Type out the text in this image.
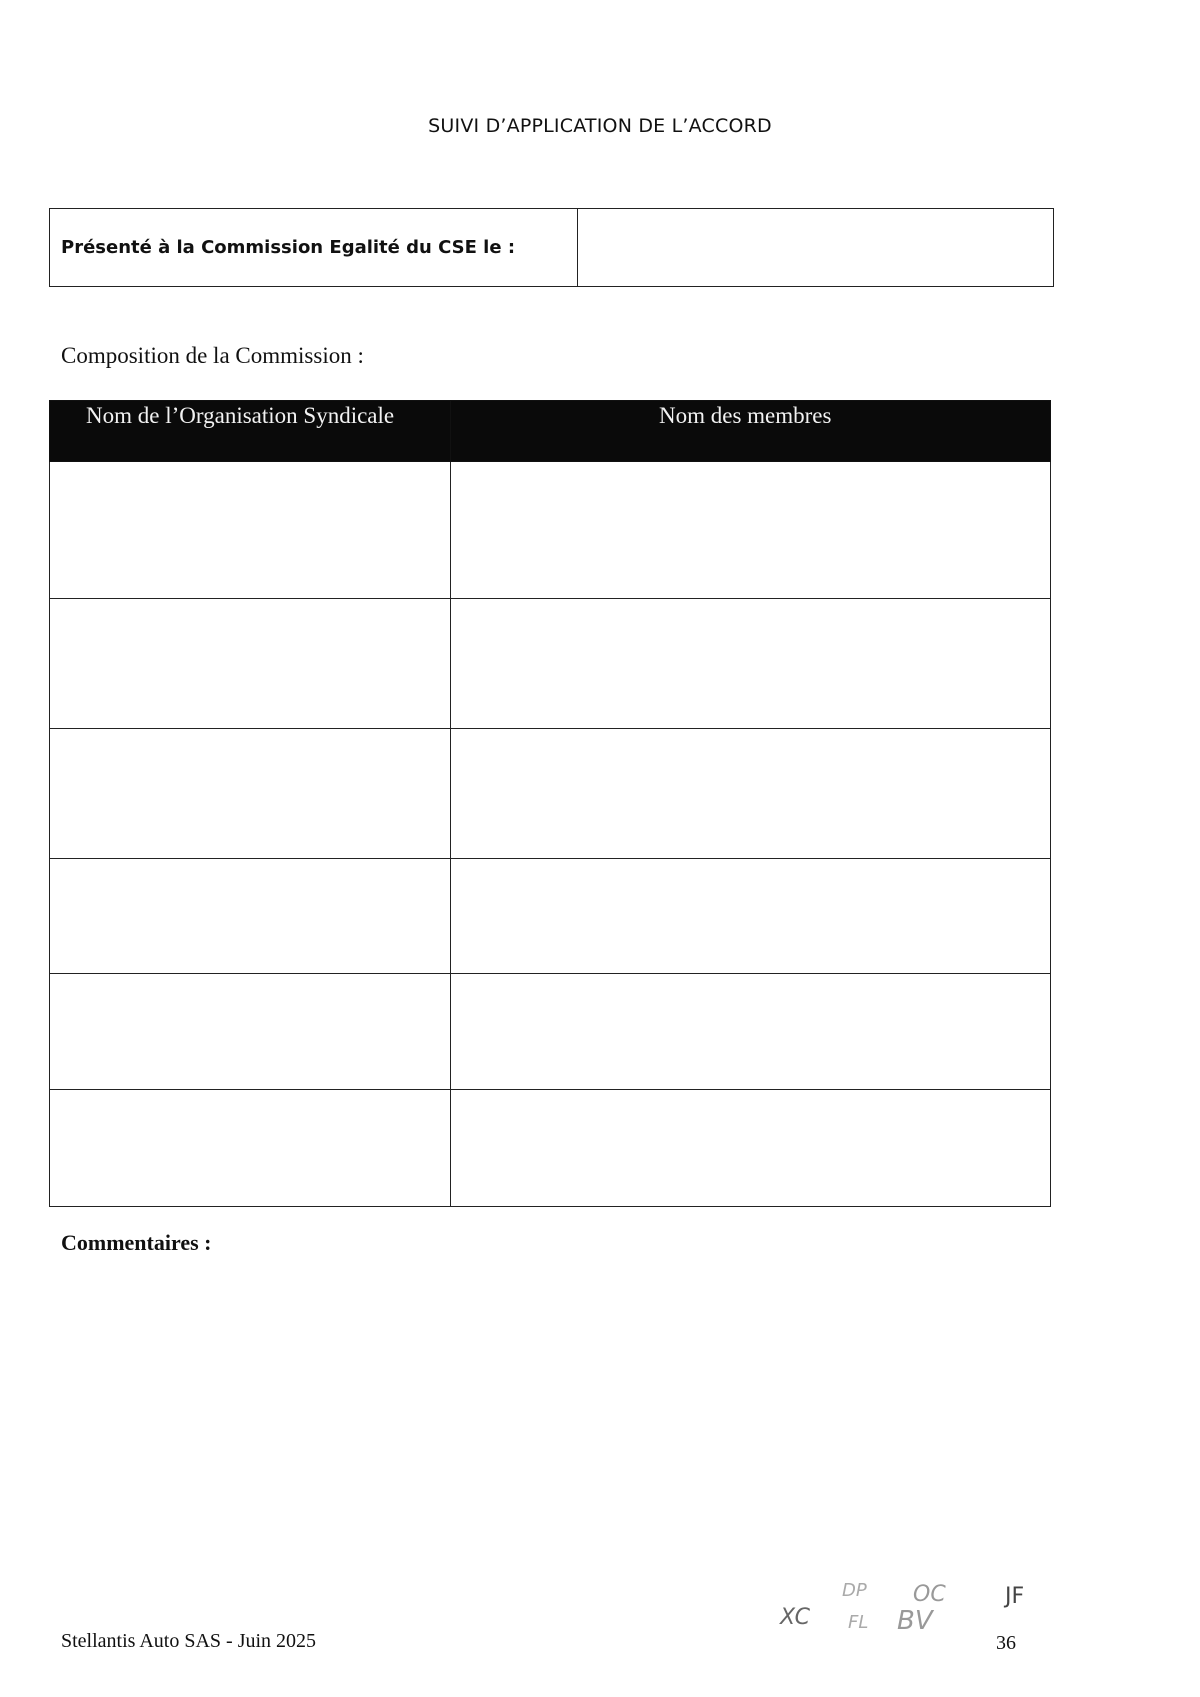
SUIVI D’APPLICATION DE L’ACCORD
Présenté à la Commission Egalité du CSE le :
Composition de la Commission :
Nom de l’Organisation Syndicale	Nom des membres

Commentaires :
XC
DP OC	JF
FL BV
Stellantis Auto SAS - Juin 2025	36
